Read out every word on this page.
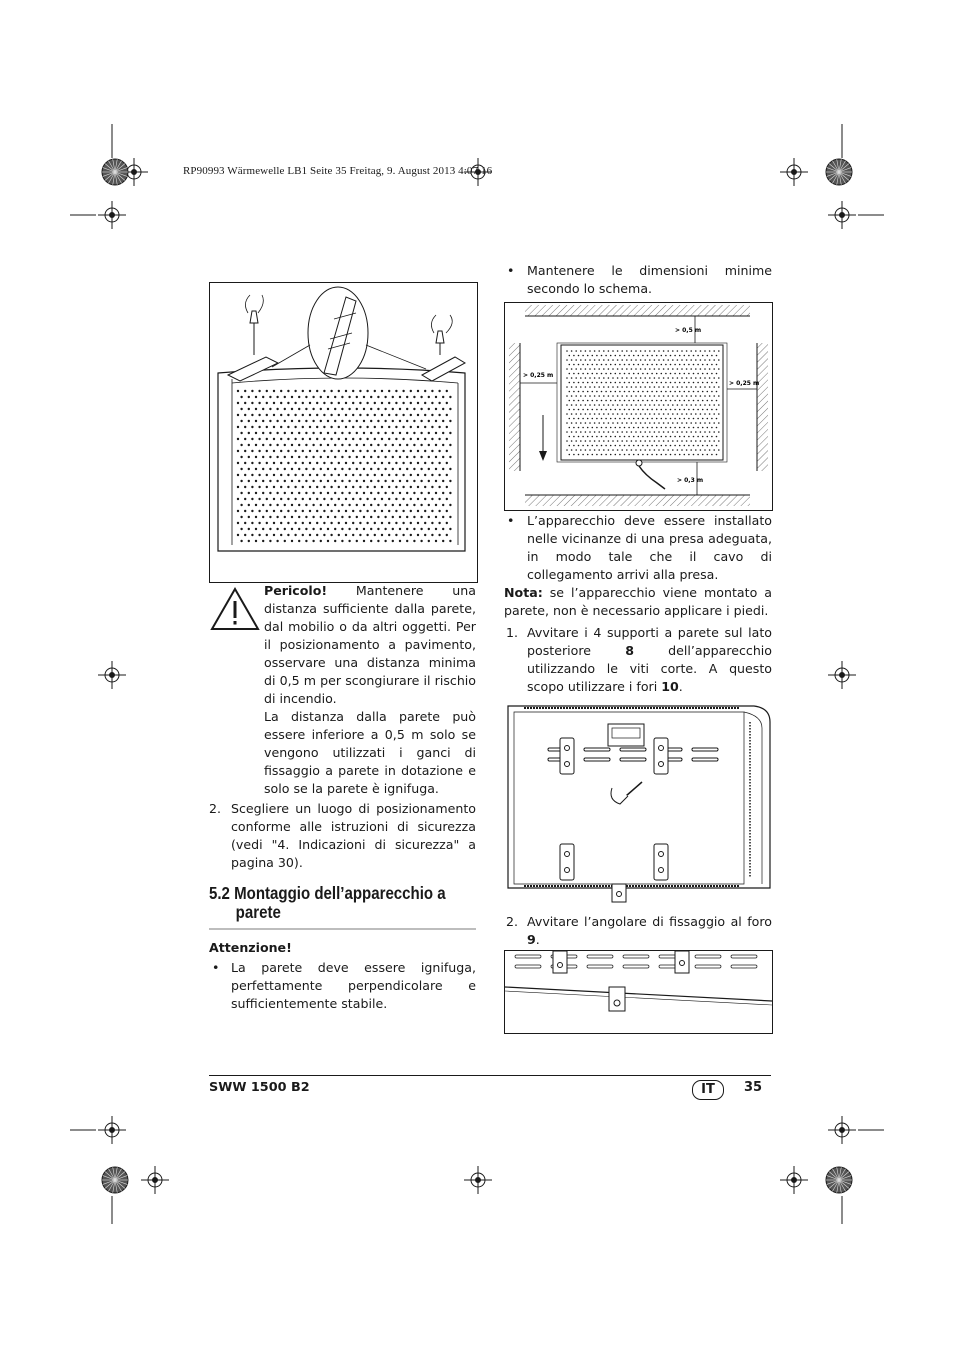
RP90993 Wärmewelle LB1 Seite 35 Freitag, 9. August 2013 4:07 16
Pericolo! Mantenere una
distanza sufficiente dalla parete, dal mobilio o da altri oggetti. Per il posizionamento a pavimento, osservare una distanza minima di 0,5 m per scongiurare il rischio di incendio.
La distanza dalla parete può essere inferiore a 0,5 m solo se vengono utilizzati i ganci di fissaggio a parete in dotazione e solo se la parete è ignifuga.
2. Scegliere un luogo di posizionamento conforme alle istruzioni di sicurezza (vedi "4. Indicazioni di sicurezza" a pagina 30).
5.2 Montaggio dell’apparecchio a
parete
Attenzione!
• La parete deve essere ignifuga, perfettamente perpendicolare e sufficientemente stabile.
• Mantenere le dimensioni minime
secondo lo schema.
> 0,5 m
> 0,25 m
> 0,25 m
> 0,3 m
• L’apparecchio deve essere installato nelle vicinanze di una presa adeguata, in modo tale che il cavo di collegamento arrivi alla presa.
Nota: se l’apparecchio viene montato a parete, non è necessario applicare i piedi.
1. Avvitare i 4 supporti a parete sul lato posteriore 8 dell’apparecchio utilizzando le viti corte. A questo scopo utilizzare i fori 10.
2. Avvitare l’angolare di fissaggio al foro
9.
SWW 1500 B2	IT	35
